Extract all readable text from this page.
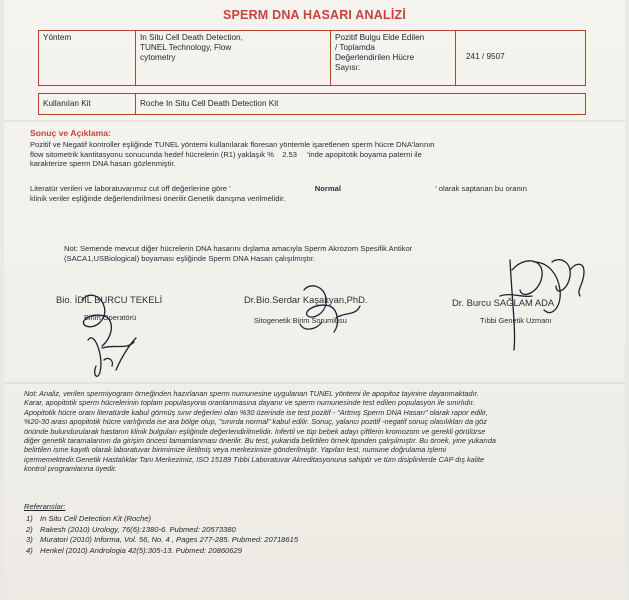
SPERM DNA HASARI ANALİZİ
Yöntem	In Situ Cell Death Detection,
TUNEL Technology, Flow
cytometry

Pozitif Bulgu Elde Edilen
/ Toplamda
Değerlendirilen Hücre
Sayısı:
	241 / 9507
Kullanılan Kit	Roche In Situ Cell Death Detection Kit
Sonuç ve Açıklama:
Pozitif ve Negatif kontroller eşliğinde TUNEL yöntemi kullanılarak floresan yöntemle işaretlenen sperm hücre DNA'larının
flow sitometrik kantitasyonu sonucunda hedef hücrelerin (R1) yaklaşık % 2.53 'inde apopitotik boyama paterni ile
karakterize sperm DNA hasarı gözlenmiştir.
Literatür verileri ve laboratuvarımız cut off değerlerine göre '	Normal	' olarak saptanan bu oranın
klinik veriler eşliğinde değerlendirilmesi önerilir.Genetik danışma verilmelidir.
Not: Semende mevcut diğer hücrelerin DNA hasarını dışlama amacıyla Sperm Akrozom Spesifik Antikor
(SACA1,USBiological) boyaması eşliğinde Sperm DNA Hasarı çalışılmıştır.
Bio. İDİL BURCU TEKELİ
Birim Operatörü
Dr.Bio.Serdar Kaşakyan,PhD.
Sitogenetik Birim Sorumlusu
Dr. Burcu SAĞLAM ADA
Tıbbi Genetik Uzmanı
Not: Analiz, verilen spermiyogram örneğinden hazırlanan sperm numunesine uygulanan TUNEL yöntemi ile apopitoz tayinine dayanmaktadır.
Karar, apopitotik sperm hücrelerinin toplam populasyona oranlanmasına dayanır ve sperm numunesinde test edilen populasyon ile sınırlıdır.
Apopitotik hücre oranı literatürde kabul görmüş sınır değerleri olan %30 üzerinde ise test pozitif - "Artmış Sperm DNA Hasarı" olarak rapor edilir,
%20-30 arası apopitotik hücre varlığında ise ara bölge olup, "sınırda normal" kabul edilir. Sonuç, yalancı pozitif -negatif sonuç olasılıkları da göz
önünde bulundurularak hastanın klinik bulguları eşliğinde değerlendirilmelidir. İnfertil ve tüp bebek adayı çiftlerin kromozom ve gerekli görülürse
diğer genetik taramalarının da girişim öncesi tamamlanması önerilir. Bu test, yukarıda belirtilen örnek tipinden çalışılmıştır. Bu örnek, yine yukarıda
belirtilen isme kayıtlı olarak laboratuvar birimimize iletilmiş veya merkezimize gönderilmiştir. Yapılan test, numune doğrulama işlemi
içermemektedir.Genetik Hastalıklar Tanı Merkezimiz, ISO 15189 Tıbbi Laboratuvar Akreditasyonuna sahiptir ve tüm disiplinlerde CAP dış kalite
kontrol programlarına üyedir.
Referanslar:
1) In Situ Cell Detection Kit (Roche)
2) Rakesh (2010) Urology, 76(6):1380-6. Pubmed: 20573380
3) Muratori (2010) Informa, Vol. 56, No. 4 , Pages 277-285. Pubmed: 20718615
4) Henkel (2010) Andrologia 42(5):305-13. Pubmed: 20860629
